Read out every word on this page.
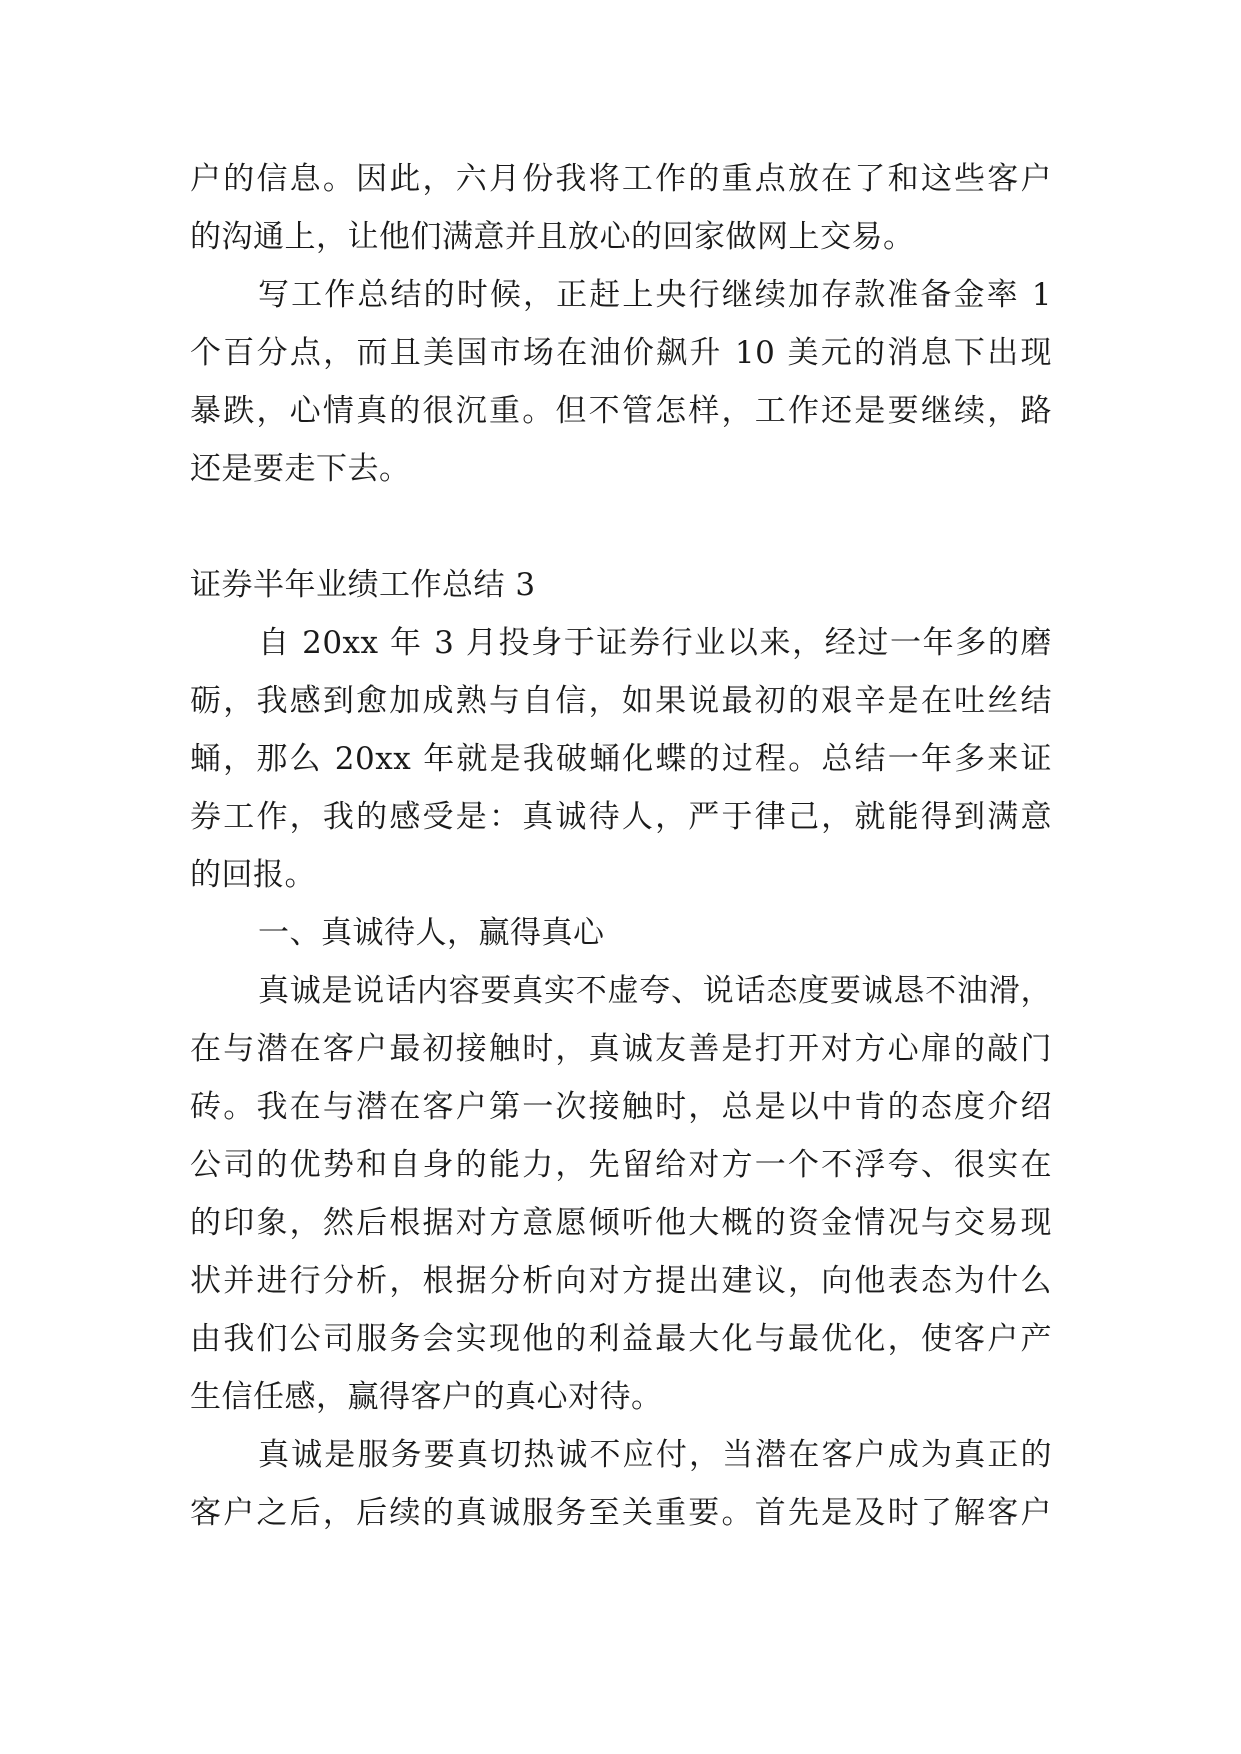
户的信息。因此，六月份我将工作的重点放在了和这些客户
的沟通上，让他们满意并且放心的回家做网上交易。
写工作总结的时候，正赶上央行继续加存款准备金率 1
个百分点，而且美国市场在油价飙升 10 美元的消息下出现
暴跌，心情真的很沉重。但不管怎样，工作还是要继续，路
还是要走下去。
证券半年业绩工作总结 3
自 20xx 年 3 月投身于证券行业以来，经过一年多的磨
砺，我感到愈加成熟与自信，如果说最初的艰辛是在吐丝结
蛹，那么 20xx 年就是我破蛹化蝶的过程。总结一年多来证
券工作，我的感受是：真诚待人，严于律己，就能得到满意
的回报。
一、真诚待人，赢得真心
真诚是说话内容要真实不虚夸、说话态度要诚恳不油滑，
在与潜在客户最初接触时，真诚友善是打开对方心扉的敲门
砖。我在与潜在客户第一次接触时，总是以中肯的态度介绍
公司的优势和自身的能力，先留给对方一个不浮夸、很实在
的印象，然后根据对方意愿倾听他大概的资金情况与交易现
状并进行分析，根据分析向对方提出建议，向他表态为什么
由我们公司服务会实现他的利益最大化与最优化，使客户产
生信任感，赢得客户的真心对待。
真诚是服务要真切热诚不应付，当潜在客户成为真正的
客户之后，后续的真诚服务至关重要。首先是及时了解客户
